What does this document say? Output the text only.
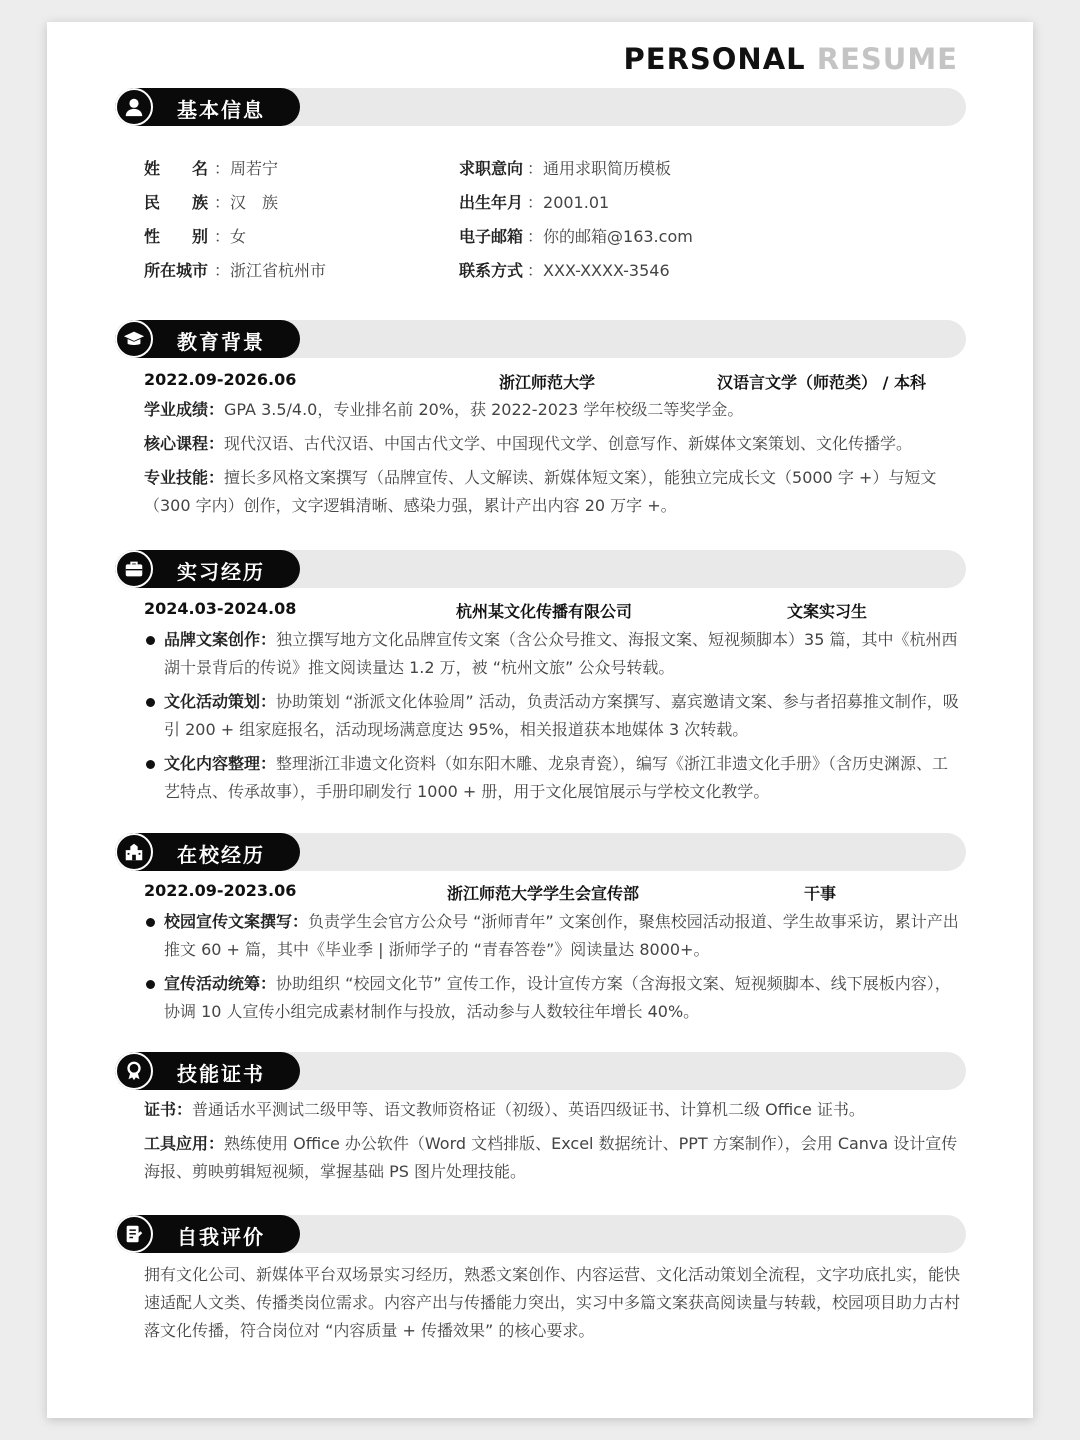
PERSONAL RESUME
基本信息
姓　　名 ：周若宁
民　　族 ：汉　族
性　　别 ：女
所在城市 ：浙江省杭州市
求职意向 ：通用求职简历模板
出生年月 ：2001.01
电子邮箱 ：你的邮箱@163.com
联系方式 ：XXX-XXXX-3546
教育背景
2022.09-2026.06	浙江师范大学	汉语言文学（师范类） / 本科
学业成绩：GPA 3.5/4.0，专业排名前 20%，获 2022-2023 学年校级二等奖学金。
核心课程：现代汉语、古代汉语、中国古代文学、中国现代文学、创意写作、新媒体文案策划、文化传播学。
专业技能：擅长多风格文案撰写（品牌宣传、人文解读、新媒体短文案），能独立完成长文（5000 字 +）与短文（300 字内）创作，文字逻辑清晰、感染力强，累计产出内容 20 万字 +。
实习经历
2024.03-2024.08	杭州某文化传播有限公司	文案实习生
品牌文案创作：独立撰写地方文化品牌宣传文案（含公众号推文、海报文案、短视频脚本）35 篇，其中《杭州西湖十景背后的传说》推文阅读量达 1.2 万，被 “杭州文旅” 公众号转载。
文化活动策划：协助策划 “浙派文化体验周” 活动，负责活动方案撰写、嘉宾邀请文案、参与者招募推文制作，吸引 200 + 组家庭报名，活动现场满意度达 95%，相关报道获本地媒体 3 次转载。
文化内容整理：整理浙江非遗文化资料（如东阳木雕、龙泉青瓷），编写《浙江非遗文化手册》（含历史渊源、工艺特点、传承故事），手册印刷发行 1000 + 册，用于文化展馆展示与学校文化教学。
在校经历
2022.09-2023.06	浙江师范大学学生会宣传部	干事
校园宣传文案撰写：负责学生会官方公众号 “浙师青年” 文案创作，聚焦校园活动报道、学生故事采访，累计产出推文 60 + 篇，其中《毕业季 | 浙师学子的 “青春答卷”》阅读量达 8000+。
宣传活动统筹：协助组织 “校园文化节” 宣传工作，设计宣传方案（含海报文案、短视频脚本、线下展板内容），协调 10 人宣传小组完成素材制作与投放，活动参与人数较往年增长 40%。
技能证书
证书：普通话水平测试二级甲等、语文教师资格证（初级）、英语四级证书、计算机二级 Office 证书。
工具应用：熟练使用 Office 办公软件（Word 文档排版、Excel 数据统计、PPT 方案制作），会用 Canva 设计宣传海报、剪映剪辑短视频，掌握基础 PS 图片处理技能。
自我评价
拥有文化公司、新媒体平台双场景实习经历，熟悉文案创作、内容运营、文化活动策划全流程，文字功底扎实，能快速适配人文类、传播类岗位需求。内容产出与传播能力突出，实习中多篇文案获高阅读量与转载，校园项目助力古村落文化传播，符合岗位对 “内容质量 + 传播效果” 的核心要求。
